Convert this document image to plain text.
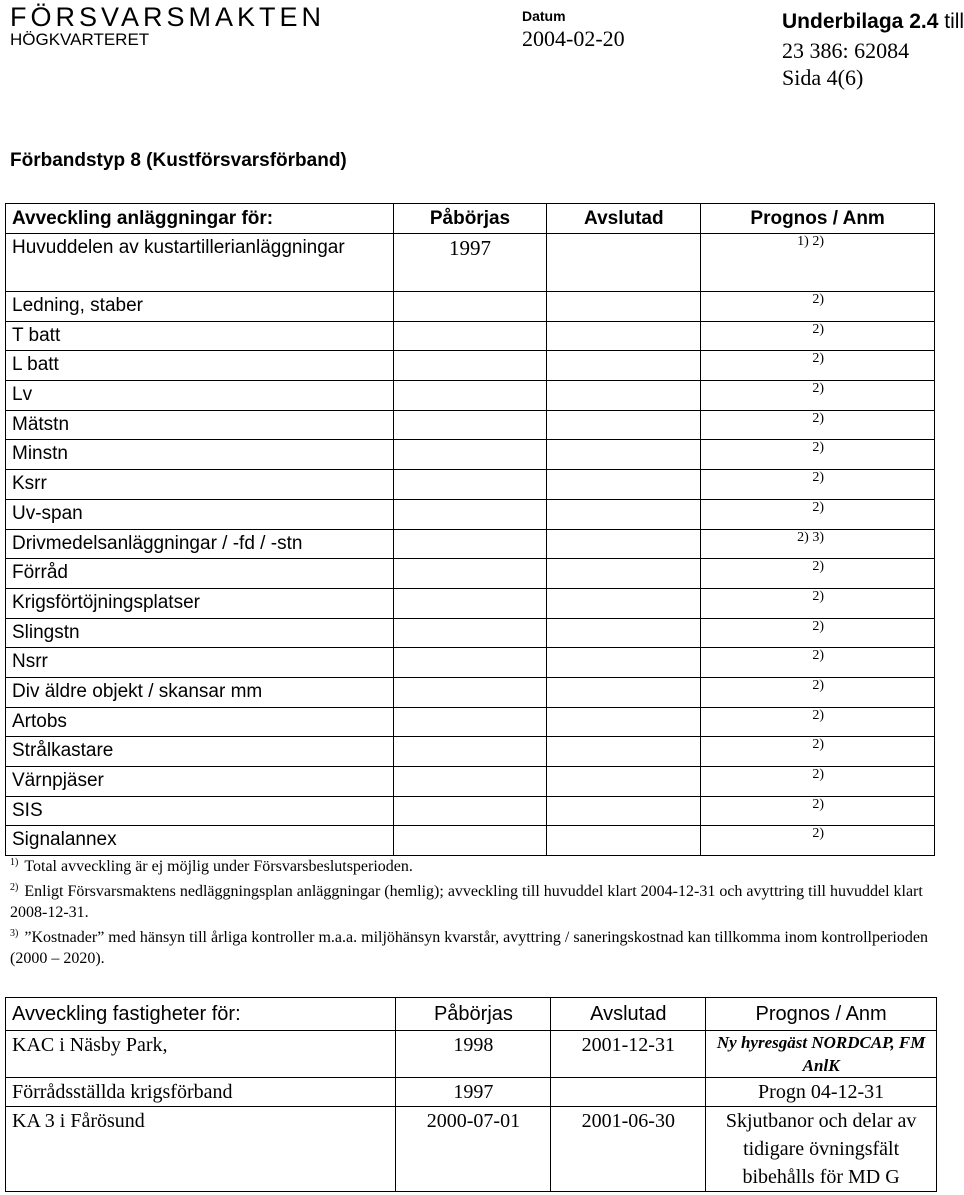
FÖRSVARSMAKTEN
HÖGKVARTERET
Datum
2004-02-20
Underbilaga 2.4 till
23 386: 62084
Sida 4(6)
Förbandstyp 8 (Kustförsvarsförband)
Avveckling anläggningar för:	Påbörjas	Avslutad	Prognos / Anm
Huvuddelen av kustartillerianläggningar	1997		1) 2)
Ledning, staber			2)
T batt			2)
L batt			2)
Lv			2)
Mätstn			2)
Minstn			2)
Ksrr			2)
Uv-span			2)
Drivmedelsanläggningar / -fd / -stn			2) 3)
Förråd			2)
Krigsförtöjningsplatser			2)
Slingstn			2)
Nsrr			2)
Div äldre objekt / skansar mm			2)
Artobs			2)
Strålkastare			2)
Värnpjäser			2)
SIS			2)
Signalannex			2)
$^{1)}$ Total avveckling är ej möjlig under Försvarsbeslutsperioden.
$^{2)}$ Enligt Försvarsmaktens nedläggningsplan anläggningar (hemlig); avveckling till huvuddel klart 2004-12-31 och avyttring till huvuddel klart 2008-12-31.
$^{3)}$ ”Kostnader” med hänsyn till årliga kontroller m.a.a. miljöhänsyn kvarstår, avyttring / saneringskostnad kan tillkomma inom kontrollperioden (2000 – 2020).
Avveckling fastigheter för:	Påbörjas	Avslutad	Prognos / Anm
KAC i Näsby Park,	1998	2001-12-31	Ny hyresgäst NORDCAP, FM AnlK
Förrådsställda krigsförband	1997		Progn 04-12-31
KA 3 i Fårösund	2000-07-01	2001-06-30	Skjutbanor och delar av tidigare övningsfält bibehålls för MD G
